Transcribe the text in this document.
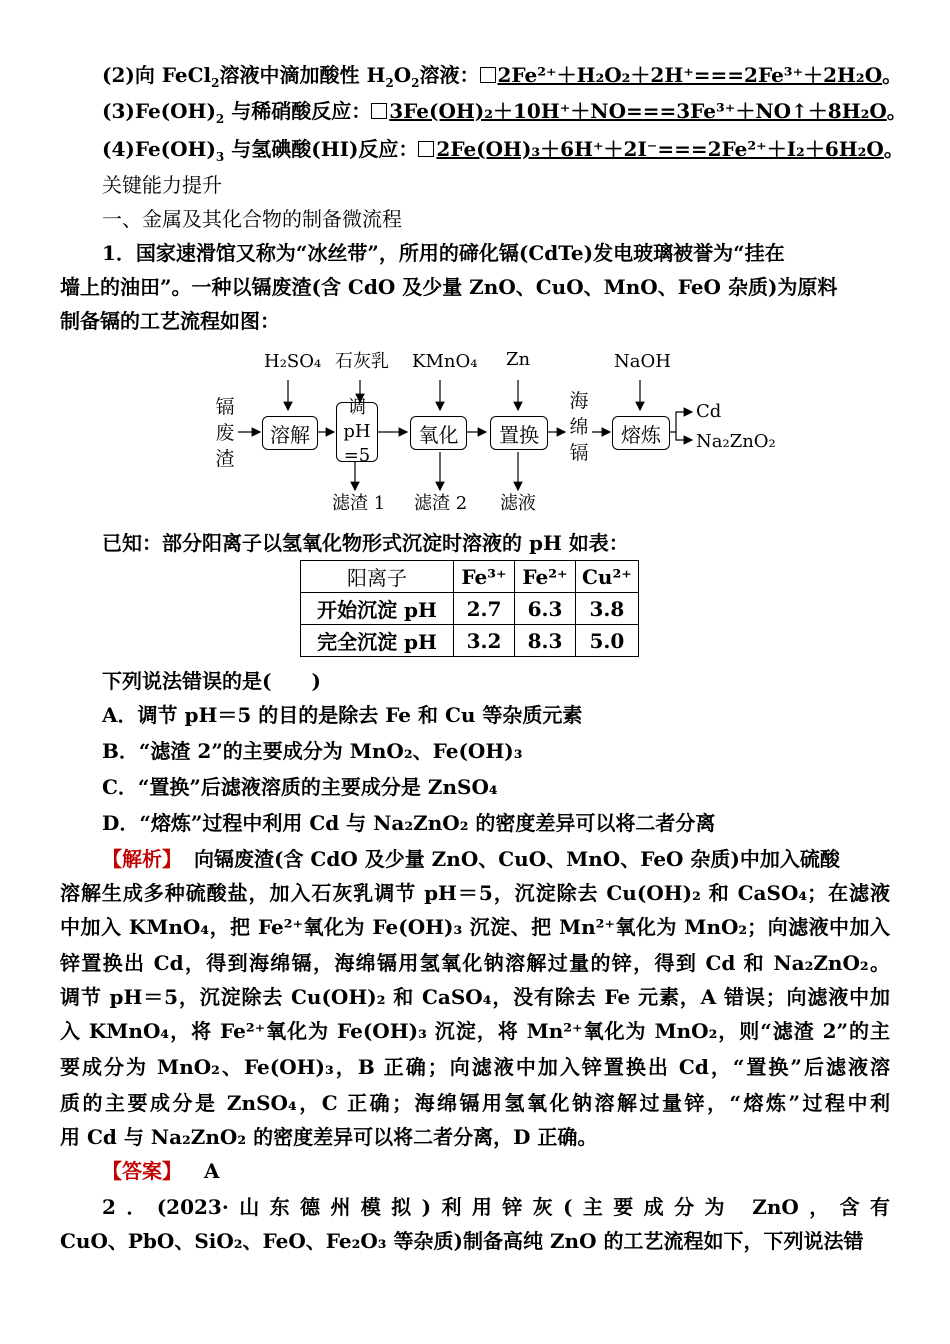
(2)向 FeCl$_2$溶液中滴加酸性 $H_2O_2$溶液： 2Fe²⁺＋H₂O₂＋2H⁺===2Fe³⁺＋2H₂O。
$(3)Fe(OH)_2$ 与稀硝酸反应： 3Fe(OH)₂＋10H⁺＋NO===3Fe³⁺＋NO↑＋8H₂O。
$(4)Fe(OH)_3$ 与氢碘酸(HI)反应： 2Fe(OH)₃＋6H⁺＋2I⁻===2Fe²⁺＋I₂＋6H₂O。
关键能力提升
一、金属及其化合物的制备微流程
1．国家速滑馆又称为“冰丝带”，所用的碲化镉(CdTe)发电玻璃被誉为“挂在
墙上的油田”。一种以镉废渣(含 CdO 及少量 ZnO、CuO、MnO、FeO 杂质)为原料
制备镉的工艺流程如图：
镉
废
渣
H₂SO₄ 石灰乳 KMnO₄ Zn	NaOH
溶解
调 pH
=5
氧化	置换	熔炼
海
绵
镉
Cd
Na₂ZnO₂
滤渣 1 滤渣 2 滤液
已知：部分阳离子以氢氧化物形式沉淀时溶液的 pH 如表：
阳离子	Fe³⁺	Fe²⁺	Cu²⁺
开始沉淀 pH	2.7	6.3	3.8
完全沉淀 pH	3.2	8.3	5.0
下列说法错误的是(　　)
A．调节 pH＝5 的目的是除去 Fe 和 Cu 等杂质元素
B．“滤渣 2”的主要成分为 MnO₂、Fe(OH)₃
C．“置换”后滤液溶质的主要成分是 ZnSO₄
D．“熔炼”过程中利用 Cd 与 Na₂ZnO₂ 的密度差异可以将二者分离
【解析】 向镉废渣(含 CdO 及少量 ZnO、CuO、MnO、FeO 杂质)中加入硫酸
溶解生成多种硫酸盐，加入石灰乳调节 pH＝5，沉淀除去 Cu(OH)₂ 和 CaSO₄；在滤液
中加入 KMnO₄，把 Fe²⁺氧化为 Fe(OH)₃ 沉淀、把 Mn²⁺氧化为 MnO₂；向滤液中加入
锌置换出 Cd，得到海绵镉，海绵镉用氢氧化钠溶解过量的锌，得到 Cd 和 Na₂ZnO₂。
调节 pH＝5，沉淀除去 Cu(OH)₂ 和 CaSO₄，没有除去 Fe 元素，A 错误；向滤液中加
入 KMnO₄，将 Fe²⁺氧化为 Fe(OH)₃ 沉淀，将 Mn²⁺氧化为 MnO₂，则“滤渣 2”的主
要成分为 MnO₂、Fe(OH)₃，B 正确；向滤液中加入锌置换出 Cd，“置换”后滤液溶
质的主要成分是 ZnSO₄，C 正确；海绵镉用氢氧化钠溶解过量锌，“熔炼”过程中利
用 Cd 与 Na₂ZnO₂ 的密度差异可以将二者分离，D 正确。
【答案】 A
2．(2023·山东德州模拟)利用锌灰(主要成分为 ZnO，含有
CuO、PbO、SiO₂、FeO、Fe₂O₃ 等杂质)制备高纯 ZnO 的工艺流程如下，下列说法错
